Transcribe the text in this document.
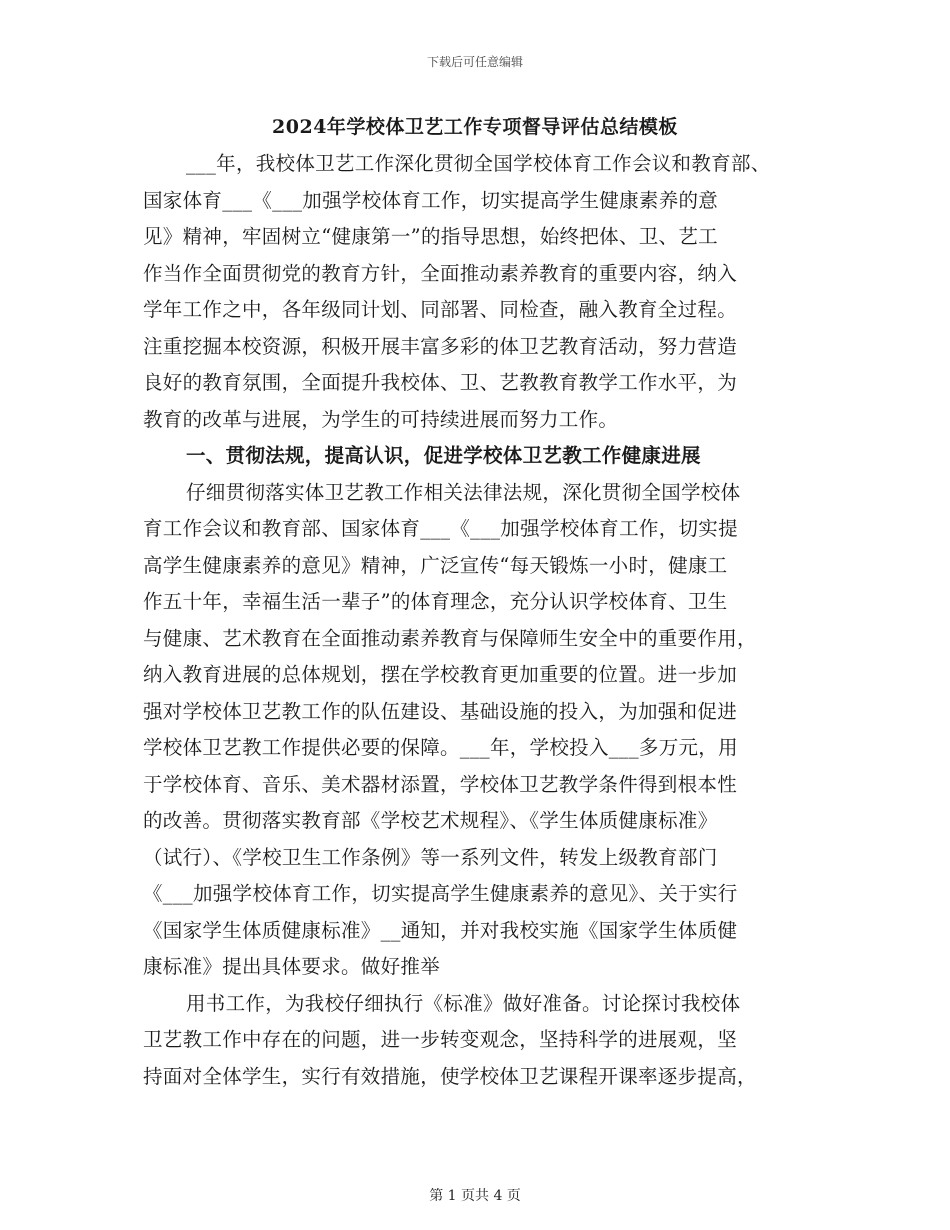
下载后可任意编辑
2024年学校体卫艺工作专项督导评估总结模板
___年，我校体卫艺工作深化贯彻全国学校体育工作会议和教育部、
国家体育___《___加强学校体育工作，切实提高学生健康素养的意
见》精神，牢固树立“健康第一”的指导思想，始终把体、卫、艺工
作当作全面贯彻党的教育方针，全面推动素养教育的重要内容，纳入
学年工作之中，各年级同计划、同部署、同检查，融入教育全过程。
注重挖掘本校资源，积极开展丰富多彩的体卫艺教育活动，努力营造
良好的教育氛围，全面提升我校体、卫、艺教教育教学工作水平，为
教育的改革与进展，为学生的可持续进展而努力工作。
一、贯彻法规，提高认识，促进学校体卫艺教工作健康进展
仔细贯彻落实体卫艺教工作相关法律法规，深化贯彻全国学校体
育工作会议和教育部、国家体育___《___加强学校体育工作，切实提
高学生健康素养的意见》精神，广泛宣传“每天锻炼一小时，健康工
作五十年，幸福生活一辈子”的体育理念，充分认识学校体育、卫生
与健康、艺术教育在全面推动素养教育与保障师生安全中的重要作用，
纳入教育进展的总体规划，摆在学校教育更加重要的位置。进一步加
强对学校体卫艺教工作的队伍建设、基础设施的投入，为加强和促进
学校体卫艺教工作提供必要的保障。___年，学校投入___多万元，用
于学校体育、音乐、美术器材添置，学校体卫艺教学条件得到根本性
的改善。贯彻落实教育部《学校艺术规程》、《学生体质健康标准》
（试行）、《学校卫生工作条例》等一系列文件，转发上级教育部门
《___加强学校体育工作，切实提高学生健康素养的意见》、关于实行
《国家学生体质健康标准》__通知，并对我校实施《国家学生体质健
康标准》提出具体要求。做好推举
用书工作，为我校仔细执行《标准》做好准备。讨论探讨我校体
卫艺教工作中存在的问题，进一步转变观念，坚持科学的进展观，坚
持面对全体学生，实行有效措施，使学校体卫艺课程开课率逐步提高，
第 1 页共 4 页
